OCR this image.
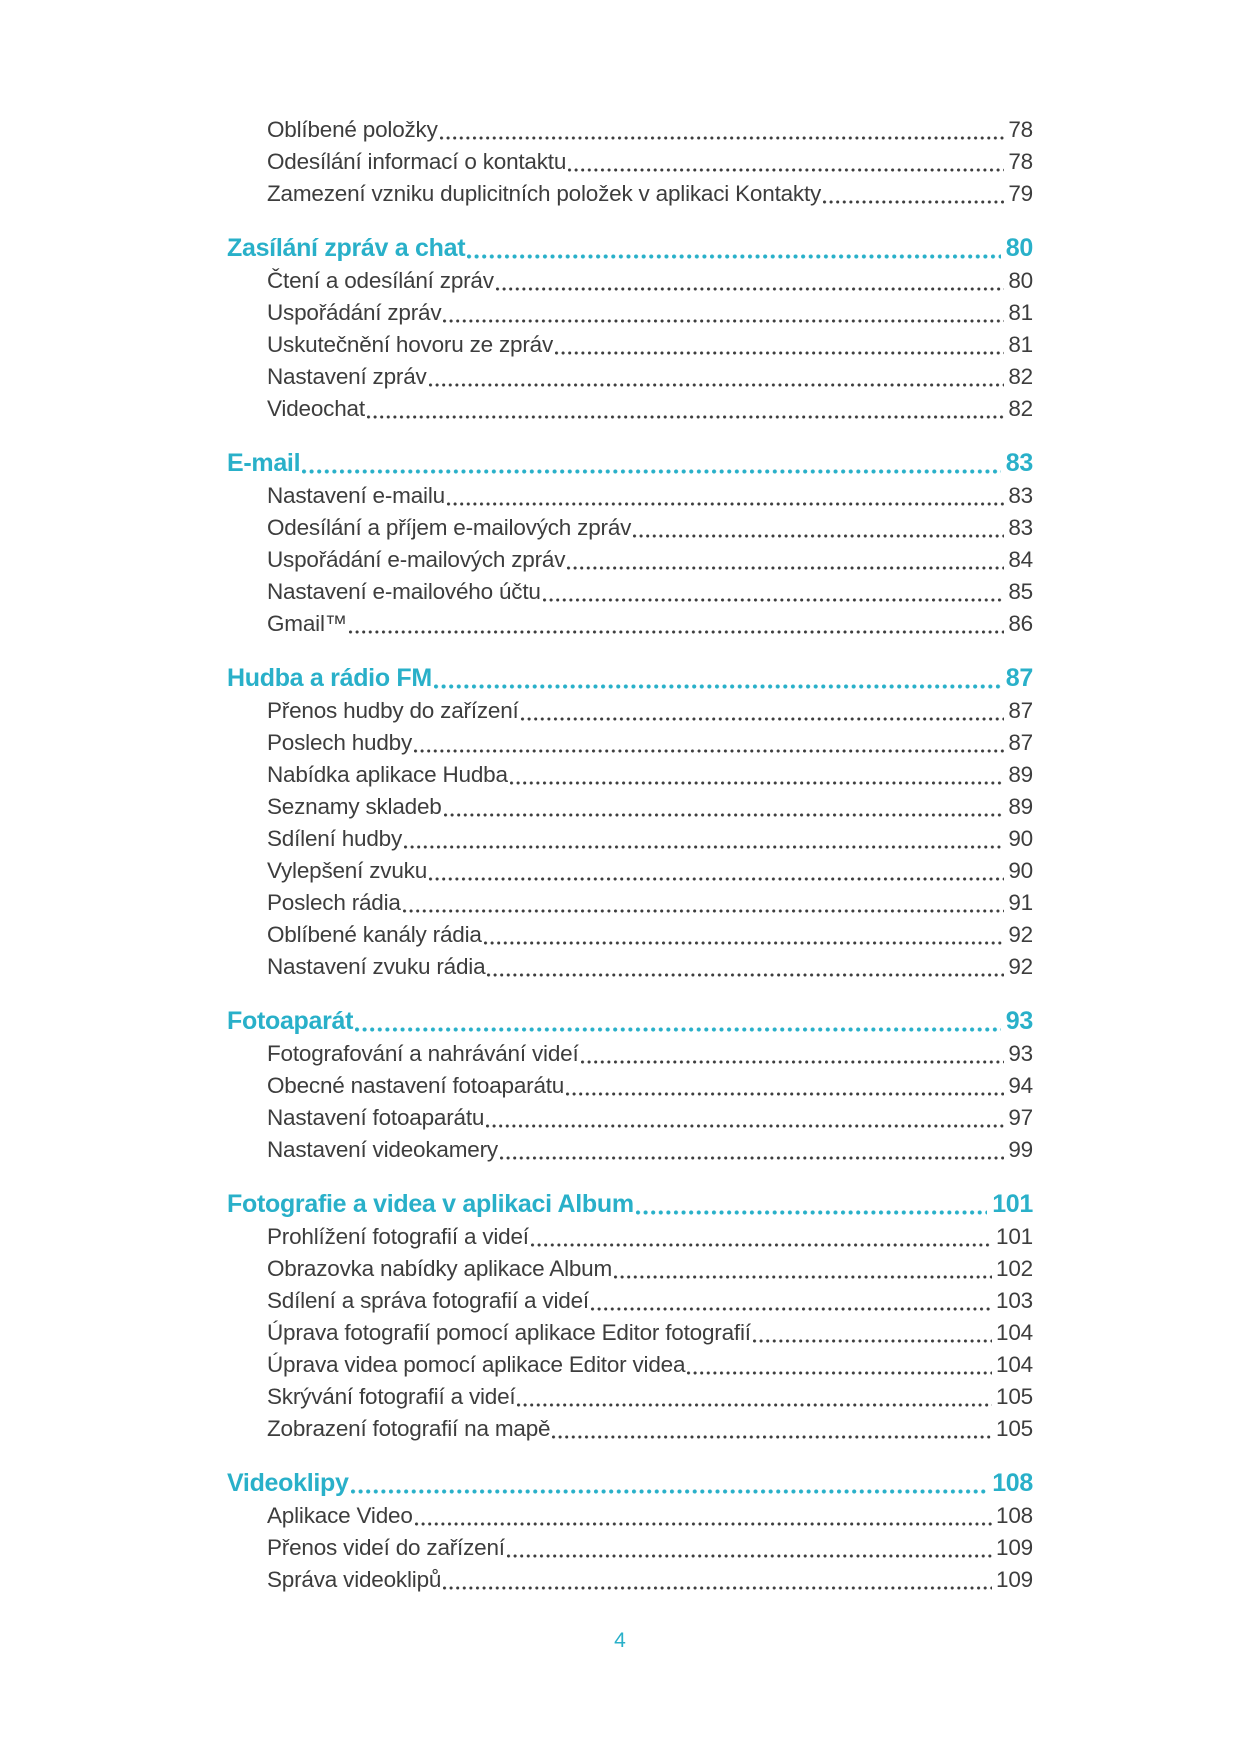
Oblíbené položky	78
Odesílání informací o kontaktu	78
Zamezení vzniku duplicitních položek v aplikaci Kontakty	79
Zasílání zpráv a chat	80
Čtení a odesílání zpráv	80
Uspořádání zpráv	81
Uskutečnění hovoru ze zpráv	81
Nastavení zpráv	82
Videochat	82
E-mail	83
Nastavení e-mailu	83
Odesílání a příjem e-mailových zpráv	83
Uspořádání e-mailových zpráv	84
Nastavení e-mailového účtu	85
Gmail™	86
Hudba a rádio FM	87
Přenos hudby do zařízení	87
Poslech hudby	87
Nabídka aplikace Hudba	89
Seznamy skladeb	89
Sdílení hudby	90
Vylepšení zvuku	90
Poslech rádia	91
Oblíbené kanály rádia	92
Nastavení zvuku rádia	92
Fotoaparát	93
Fotografování a nahrávání videí	93
Obecné nastavení fotoaparátu	94
Nastavení fotoaparátu	97
Nastavení videokamery	99
Fotografie a videa v aplikaci Album	101
Prohlížení fotografií a videí	101
Obrazovka nabídky aplikace Album	102
Sdílení a správa fotografií a videí	103
Úprava fotografií pomocí aplikace Editor fotografií	104
Úprava videa pomocí aplikace Editor videa	104
Skrývání fotografií a videí	105
Zobrazení fotografií na mapě	105
Videoklipy	108
Aplikace Video	108
Přenos videí do zařízení	109
Správa videoklipů	109
4
